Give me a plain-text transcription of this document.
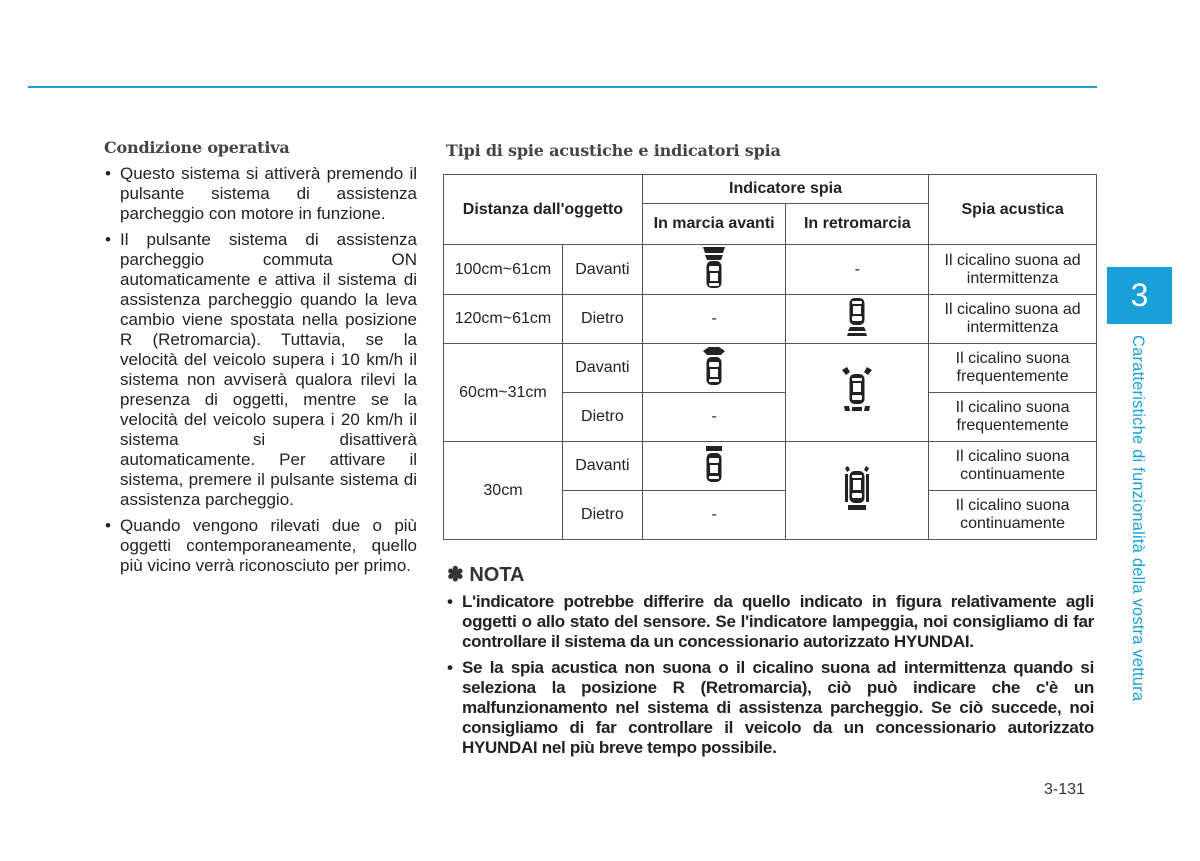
Condizione operativa
• Questo sistema si attiverà premendo il pulsante sistema di assistenza parcheggio con motore in funzione.
• Il pulsante sistema di assistenza parcheggio commuta ON automaticamente e attiva il sistema di assistenza parcheggio quando la leva cambio viene spostata nella posizione R (Retromarcia). Tuttavia, se la velocità del veicolo supera i 10 km/h il sistema non avviserà qualora rilevi la presenza di oggetti, mentre se la velocità del veicolo supera i 20 km/h il sistema si disattiverà automaticamente. Per attivare il sistema, premere il pulsante sistema di assistenza parcheggio.
• Quando vengono rilevati due o più oggetti contemporaneamente, quello più vicino verrà riconosciuto per primo.
Tipi di spie acustiche e indicatori spia
Distanza dall'oggetto		Indicatore spia		Spia acustica
		In marcia avanti	In retromarcia	
100cm~61cm	Davanti		-	Il cicalino suona ad intermittenza
120cm~61cm	Dietro	-		Il cicalino suona ad intermittenza
60cm~31cm	Davanti			Il cicalino suona frequentemente
	Dietro	-		Il cicalino suona frequentemente
30cm	Davanti			Il cicalino suona continuamente
	Dietro	-		Il cicalino suona continuamente
✽ NOTA
• L'indicatore potrebbe differire da quello indicato in figura relativamente agli oggetti o allo stato del sensore. Se l'indicatore lampeggia, noi consigliamo di far controllare il sistema da un concessionario autorizzato HYUNDAI.
• Se la spia acustica non suona o il cicalino suona ad intermittenza quando si seleziona la posizione R (Retromarcia), ciò può indicare che c'è un malfunzionamento nel sistema di assistenza parcheggio. Se ciò succede, noi consigliamo di far controllare il veicolo da un concessionario autorizzato HYUNDAI nel più breve tempo possibile.
3
Caratteristiche di funzionalità della vostra vettura
3-131
